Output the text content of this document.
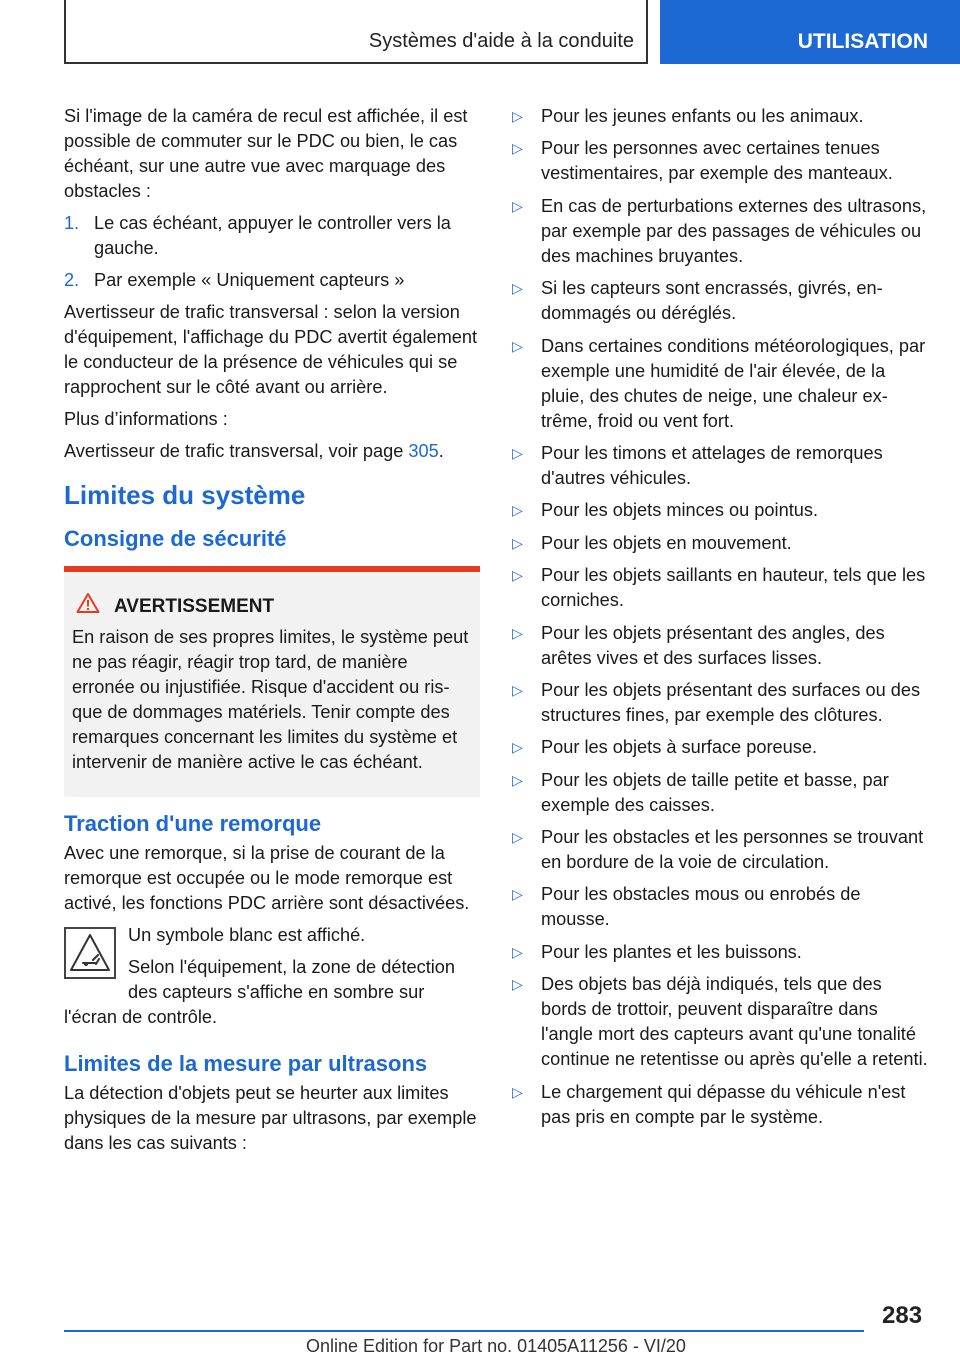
Systèmes d'aide à la conduite	UTILISATION

Si l'image de la caméra de recul est affichée, il est possible de commuter sur le PDC ou bien, le cas échéant, sur une autre vue avec marquage des obstacles :

1. Le cas échéant, appuyer le controller vers la gauche.
2. Par exemple « Uniquement capteurs »

Avertisseur de trafic transversal : selon la version d'équipement, l'affichage du PDC avertit également le conducteur de la présence de véhicules qui se rapprochent sur le côté avant ou arrière.

Plus d’informations :

Avertisseur de trafic transversal, voir page 305.

Limites du système
Consigne de sécurité
AVERTISSEMENT
En raison de ses propres limites, le système peut ne pas réagir, réagir trop tard, de manière erronée ou injustifiée. Risque d'accident ou risque de dommages matériels. Tenir compte des remarques concernant les limites du système et intervenir de manière active le cas échéant.
Traction d'une remorque

Avec une remorque, si la prise de courant de la remorque est occupée ou le mode remorque est activé, les fonctions PDC arrière sont désactivées.

Un symbole blanc est affiché.

Selon l'équipement, la zone de détection des capteurs s'affiche en sombre sur l'écran de contrôle.

Limites de la mesure par ultrasons

La détection d'objets peut se heurter aux limites physiques de la mesure par ultrasons, par exemple dans les cas suivants :

▷ Pour les jeunes enfants ou les animaux.
▷ Pour les personnes avec certaines tenues vestimentaires, par exemple des manteaux.
▷ En cas de perturbations externes des ultrasons, par exemple par des passages de véhicules ou des machines bruyantes.
▷ Si les capteurs sont encrassés, givrés, endommagés ou déréglés.
▷ Dans certaines conditions météorologiques, par exemple une humidité de l'air élevée, de la pluie, des chutes de neige, une chaleur extrême, froid ou vent fort.
▷ Pour les timons et attelages de remorques d'autres véhicules.
▷ Pour les objets minces ou pointus.
▷ Pour les objets en mouvement.
▷ Pour les objets saillants en hauteur, tels que les corniches.
▷ Pour les objets présentant des angles, des arêtes vives et des surfaces lisses.
▷ Pour les objets présentant des surfaces ou des structures fines, par exemple des clôtures.
▷ Pour les objets à surface poreuse.
▷ Pour les objets de taille petite et basse, par exemple des caisses.
▷ Pour les obstacles et les personnes se trouvant en bordure de la voie de circulation.
▷ Pour les obstacles mous ou enrobés de mousse.
▷ Pour les plantes et les buissons.
▷ Des objets bas déjà indiqués, tels que des bords de trottoir, peuvent disparaître dans l'angle mort des capteurs avant qu'une tonalité continue ne retentisse ou après qu'elle a retenti.
▷ Le chargement qui dépasse du véhicule n'est pas pris en compte par le système.
283
Online Edition for Part no. 01405A11256 - VI/20
